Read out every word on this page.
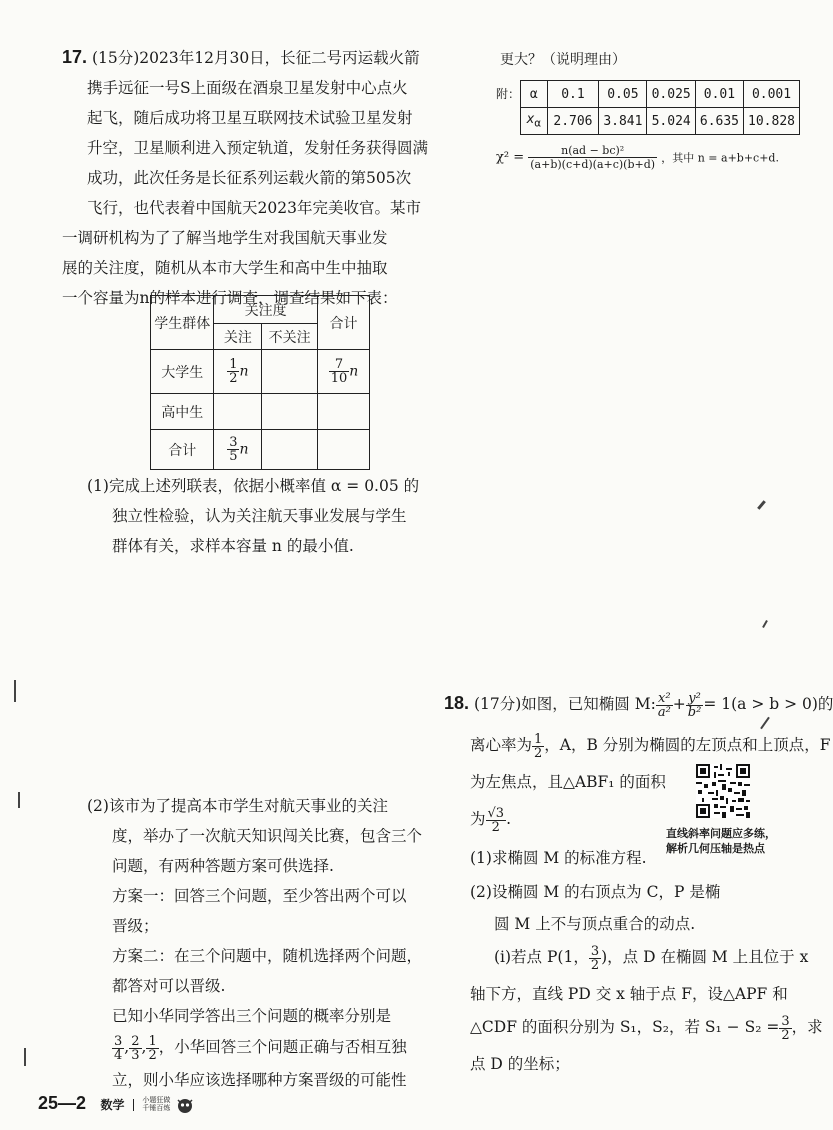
17. (15分)2023年12月30日，长征二号丙运载火箭
携手远征一号S上面级在酒泉卫星发射中心点火
起飞，随后成功将卫星互联网技术试验卫星发射
升空，卫星顺利进入预定轨道，发射任务获得圆满
成功，此次任务是长征系列运载火箭的第505次
飞行，也代表着中国航天2023年完美收官。某市
一调研机构为了了解当地学生对我国航天事业发
展的关注度，随机从本市大学生和高中生中抽取
一个容量为n的样本进行调查，调查结果如下表：
学生群体	关注度		合计
	关注	不关注	
大学生	$\frac{1}{2}$ n		$\frac{7}{10}$ n
高中生			
合计	$\frac{3}{5}$ n		
(1)完成上述列联表，依据小概率值 α = 0.05 的
独立性检验，认为关注航天事业发展与学生
群体有关，求样本容量 n 的最小值.
(2)该市为了提高本市学生对航天事业的关注
度，举办了一次航天知识闯关比赛，包含三个
问题，有两种答题方案可供选择.
方案一：回答三个问题，至少答出两个可以
晋级；
方案二：在三个问题中，随机选择两个问题，
都答对可以晋级.
已知小华同学答出三个问题的概率分别是
$\frac{3}{4}$ , $\frac{2}{3}$ , $\frac{1}{2}$ ，小华回答三个问题正确与否相互独
立，则小华应该选择哪种方案晋级的可能性
更大？（说明理由）
附： α	0.1	0.05	0.025	0.01	0.001
$x_\alpha$	2.706	3.841	5.024	6.635	10.828
$\chi^2 = \frac{\text{n(ad − bc)²}}{(a+b)(c+d)(a+c)(b+d)}$ ，其中 n = a+b+c+d.
18. (17分)如图，已知椭圆 M: $\frac{\text{x²}}{\text{a²}} + \frac{\text{y²}}{\text{b²}} = 1(a > b > 0)$的
离心率为 $\frac{1}{2}$ ，A，B 分别为椭圆的左顶点和上顶点，F
为左焦点，且△ABF₁ 的面积
为 $\frac{√3}{2}$ .
直线斜率问题应多练，
解析几何压轴是热点
(1)求椭圆 M 的标准方程.
(2)设椭圆 M 的右顶点为 C，P 是椭
圆 M 上不与顶点重合的动点.
(i)若点 P(1， $\frac{3}{2}$ )，点 D 在椭圆 M 上且位于 x
轴下方，直线 PD 交 x 轴于点 F，设△APF 和
△CDF 的面积分别为 S₁，S₂，若 $S_1 - S_2 = \frac{3}{2}$ ，求
点 D 的坐标；
25—2 数学	小题狂做
千锤百炼
